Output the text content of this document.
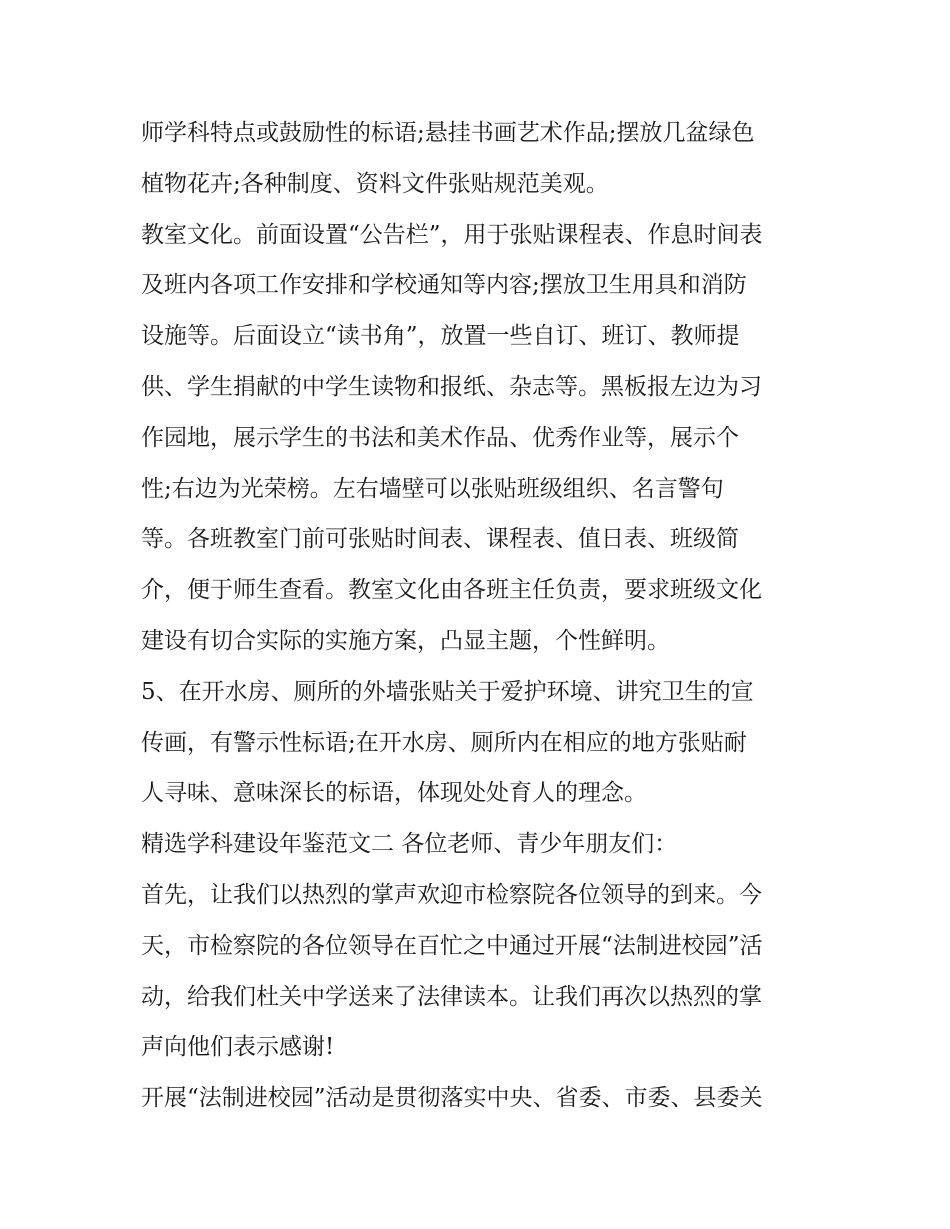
师学科特点或鼓励性的标语;悬挂书画艺术作品;摆放几盆绿色
植物花卉;各种制度、资料文件张贴规范美观。
教室文化。前面设置“公告栏”，用于张贴课程表、作息时间表
及班内各项工作安排和学校通知等内容;摆放卫生用具和消防
设施等。后面设立“读书角”，放置一些自订、班订、教师提
供、学生捐献的中学生读物和报纸、杂志等。黑板报左边为习
作园地，展示学生的书法和美术作品、优秀作业等，展示个
性;右边为光荣榜。左右墙壁可以张贴班级组织、名言警句
等。各班教室门前可张贴时间表、课程表、值日表、班级简
介，便于师生查看。教室文化由各班主任负责，要求班级文化
建设有切合实际的实施方案，凸显主题，个性鲜明。
5、在开水房、厕所的外墙张贴关于爱护环境、讲究卫生的宣
传画，有警示性标语;在开水房、厕所内在相应的地方张贴耐
人寻味、意味深长的标语，体现处处育人的理念。
精选学科建设年鉴范文二 各位老师、青少年朋友们：
首先，让我们以热烈的掌声欢迎市检察院各位领导的到来。今
天，市检察院的各位领导在百忙之中通过开展“法制进校园”活
动，给我们杜关中学送来了法律读本。让我们再次以热烈的掌
声向他们表示感谢!
开展“法制进校园”活动是贯彻落实中央、省委、市委、县委关
